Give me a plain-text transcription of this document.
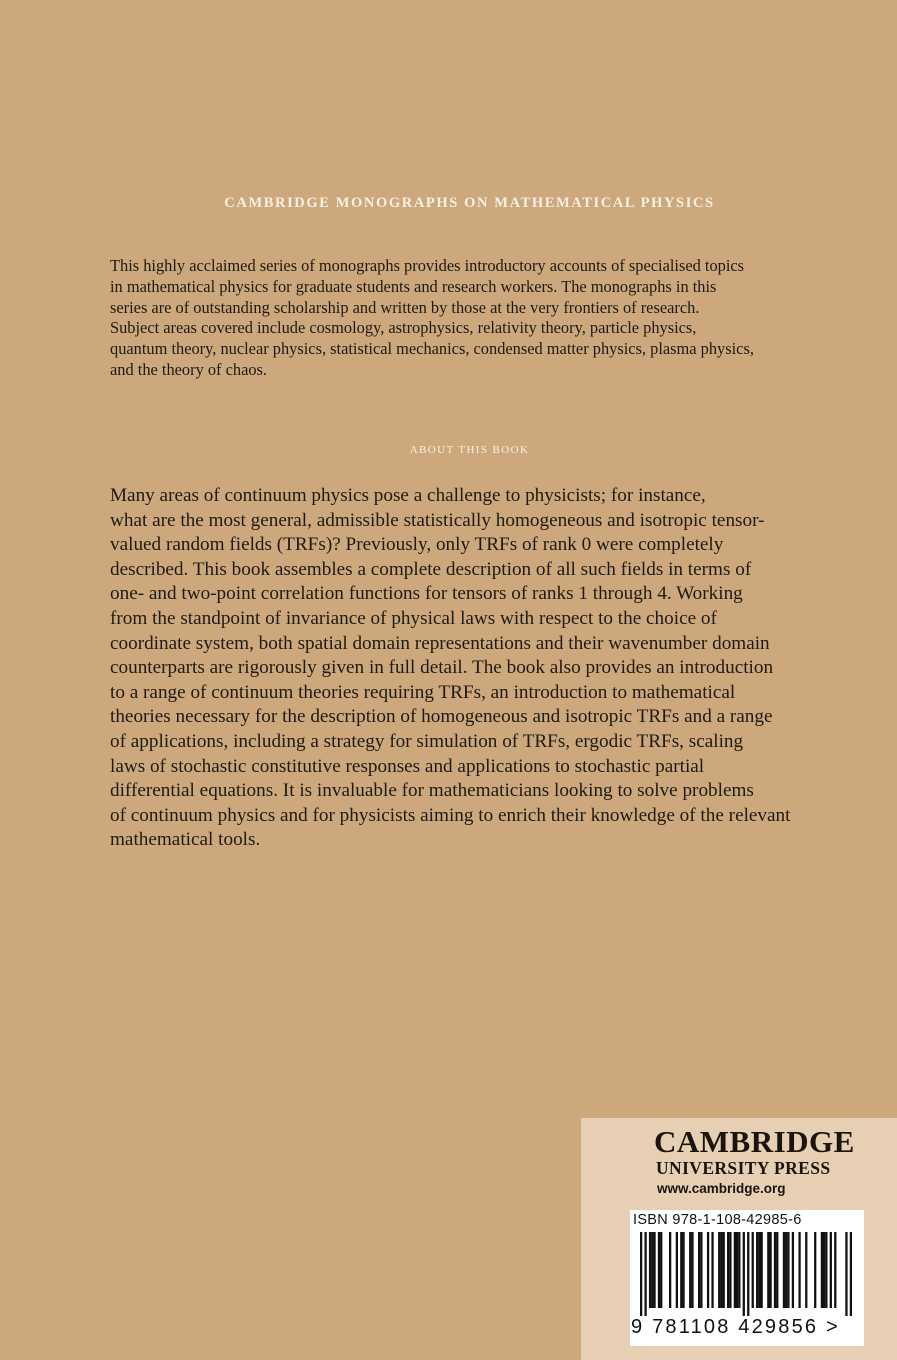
CAMBRIDGE MONOGRAPHS ON MATHEMATICAL PHYSICS

This highly acclaimed series of monographs provides introductory accounts of specialised topics
in mathematical physics for graduate students and research workers. The monographs in this
series are of outstanding scholarship and written by those at the very frontiers of research.
Subject areas covered include cosmology, astrophysics, relativity theory, particle physics,
quantum theory, nuclear physics, statistical mechanics, condensed matter physics, plasma physics,
and the theory of chaos.

ABOUT THIS BOOK

Many areas of continuum physics pose a challenge to physicists; for instance,
what are the most general, admissible statistically homogeneous and isotropic tensor-
valued random fields (TRFs)? Previously, only TRFs of rank 0 were completely
described. This book assembles a complete description of all such fields in terms of
one- and two-point correlation functions for tensors of ranks 1 through 4. Working
from the standpoint of invariance of physical laws with respect to the choice of
coordinate system, both spatial domain representations and their wavenumber domain
counterparts are rigorously given in full detail. The book also provides an introduction
to a range of continuum theories requiring TRFs, an introduction to mathematical
theories necessary for the description of homogeneous and isotropic TRFs and a range
of applications, including a strategy for simulation of TRFs, ergodic TRFs, scaling
laws of stochastic constitutive responses and applications to stochastic partial
differential equations. It is invaluable for mathematicians looking to solve problems
of continuum physics and for physicists aiming to enrich their knowledge of the relevant
mathematical tools.

CAMBRIDGE
UNIVERSITY PRESS
www.cambridge.org
ISBN 978-1-108-42985-6
9 781108 429856 >
